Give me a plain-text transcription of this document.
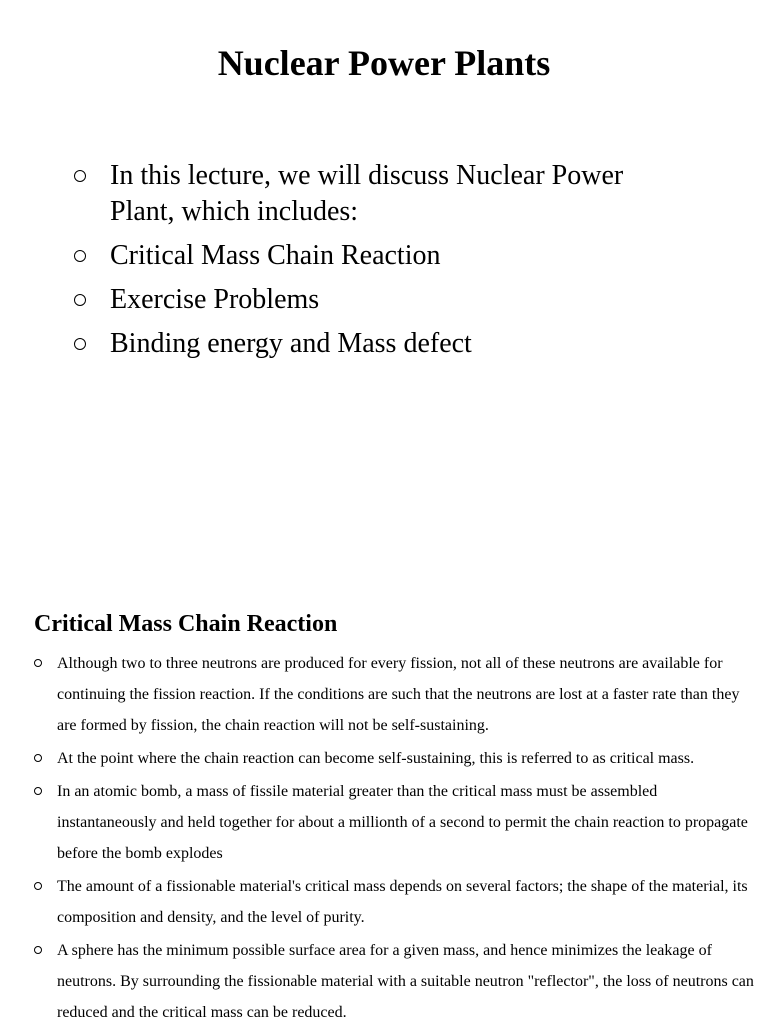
Nuclear Power Plants
In this lecture, we will discuss Nuclear Power Plant, which includes:
Critical Mass Chain Reaction
Exercise Problems
Binding energy and Mass defect
Critical Mass Chain Reaction
Although two to three neutrons are produced for every fission, not all of these neutrons are available for continuing the fission reaction. If the conditions are such that the neutrons are lost at a faster rate than they are formed by fission, the chain reaction will not be self-sustaining.
At the point where the chain reaction can become self-sustaining, this is referred to as critical mass.
In an atomic bomb, a mass of fissile material greater than the critical mass must be assembled instantaneously and held together for about a millionth of a second to permit the chain reaction to propagate before the bomb explodes
The amount of a fissionable material's critical mass depends on several factors; the shape of the material, its composition and density, and the level of purity.
A sphere has the minimum possible surface area for a given mass, and hence minimizes the leakage of neutrons. By surrounding the fissionable material with a suitable neutron "reflector", the loss of neutrons can reduced and the critical mass can be reduced.
